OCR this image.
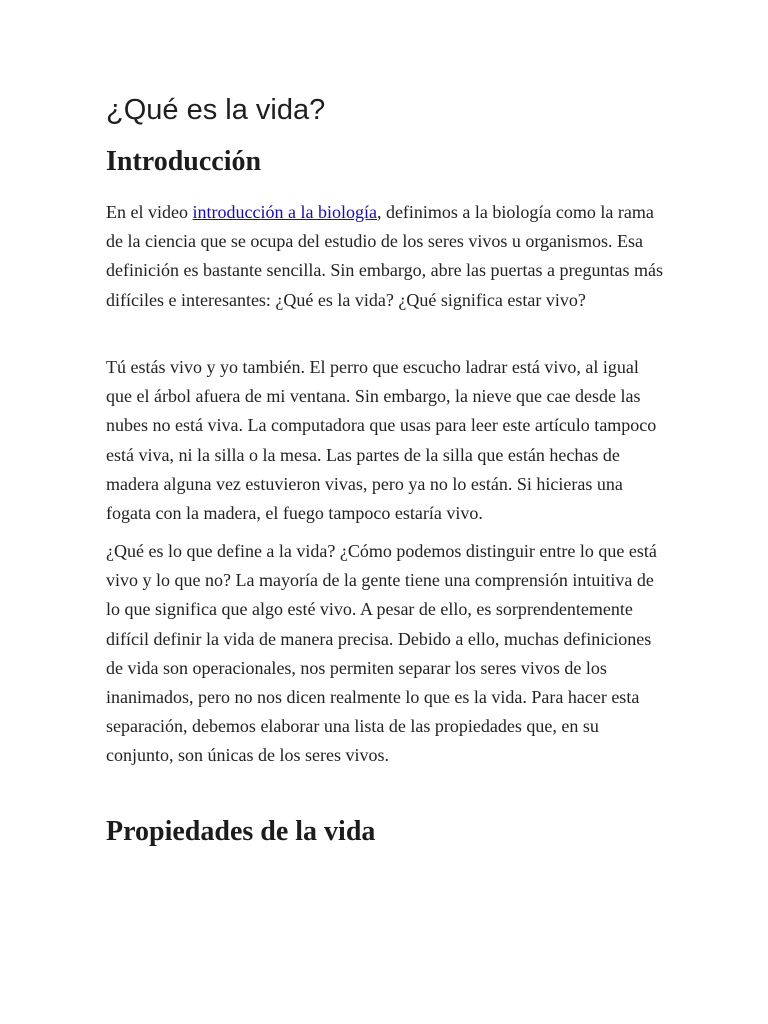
¿Qué es la vida?
Introducción

En el video introducción a la biología, definimos a la biología como la rama de la ciencia que se ocupa del estudio de los seres vivos u organismos. Esa definición es bastante sencilla. Sin embargo, abre las puertas a preguntas más difíciles e interesantes: ¿Qué es la vida? ¿Qué significa estar vivo?

Tú estás vivo y yo también. El perro que escucho ladrar está vivo, al igual que el árbol afuera de mi ventana. Sin embargo, la nieve que cae desde las nubes no está viva. La computadora que usas para leer este artículo tampoco está viva, ni la silla o la mesa. Las partes de la silla que están hechas de madera alguna vez estuvieron vivas, pero ya no lo están. Si hicieras una fogata con la madera, el fuego tampoco estaría vivo.

¿Qué es lo que define a la vida? ¿Cómo podemos distinguir entre lo que está vivo y lo que no? La mayoría de la gente tiene una comprensión intuitiva de lo que significa que algo esté vivo. A pesar de ello, es sorprendentemente difícil definir la vida de manera precisa. Debido a ello, muchas definiciones de vida son operacionales, nos permiten separar los seres vivos de los inanimados, pero no nos dicen realmente lo que es la vida. Para hacer esta separación, debemos elaborar una lista de las propiedades que, en su conjunto, son únicas de los seres vivos.

Propiedades de la vida
